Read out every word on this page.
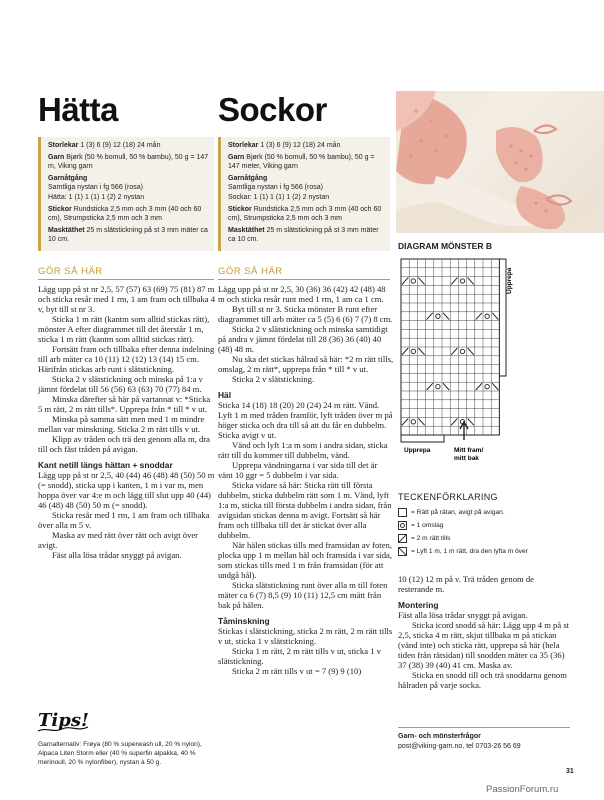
Hätta

Storlekar 1 (3) 6 (9) 12 (18) 24 mån

Garn Bjørk (50 % bomull, 50 % bambu), 50 g = 147 m, Viking garn

Garnåtgång

Samtliga nystan i fg 566 (rosa)

Hätta: 1 (1) 1 (1) 1 (2) 2 nystan

Stickor Rundsticka 2,5 mm och 3 mm (40 och 60 cm), Strumpsticka 2,5 mm och 3 mm

Masktäthet 25 m slätstickning på st 3 mm mäter ca 10 cm.

GÖR SÅ HÄR

Lägg upp på st nr 2,5, 57 (57) 63 (69) 75 (81) 87 m och sticka resår med 1 rm, 1 am fram och tillbaka 4 v, byt till st nr 3.

Sticka 1 m rätt (kantm som alltid stickas rätt), mönster A efter diagrammet till det återstår 1 m, sticka 1 m rätt (kantm som alltid stickas rätt).

Fortsätt fram och tillbaka efter denna indelning till arb mäter ca 10 (11) 12 (12) 13 (14) 15 cm. Härifrån stickas arb runt i slätstickning.

Sticka 2 v slätstickning och minska på 1:a v jämnt fördelat till 56 (56) 63 (63) 70 (77) 84 m.

Minska därefter så här på vartannat v: *Sticka 5 m rätt, 2 m rätt tills*. Upprepa från * till * v ut.

Minska på samma sätt men med 1 m mindre mellan var minskning. Sticka 2 m rätt tills v ut.

Klipp av tråden och trä den genom alla m, dra till och fäst tråden på avigan.

Kant netill längs hättan + snoddar

Lägg upp på st nr 2,5, 40 (44) 46 (48) 48 (50) 50 m (= snodd), sticka upp i kanten, 1 m i var m, men hoppa över var 4:e m och lägg till slut upp 40 (44) 46 (48) 48 (50) 50 m (= snodd).

Sticka resår med 1 rm, 1 am fram och tillbaka över alla m 5 v.

Maska av med rätt över rätt och avigt över avigt.

Fäst alla lösa trådar snyggt på avigan.

Tips!
Garnalternativ: Frøya (80 % superwash ull, 20 % nylon), Alpaca Liten Storm eller (40 % superfin alpakka, 40 % merinoull, 20 % nylonfiber), nystan à 50 g.
Sockor

Storlekar 1 (3) 6 (9) 12 (18) 24 mån

Garn Bjørk (50 % bomull, 50 % bambu), 50 g = 147 meter, Viking garn

Garnåtgång

Samtliga nystan i fg 566 (rosa)

Sockar: 1 (1) 1 (1) 1 (2) 2 nystan

Stickor Rundsticka 2,5 mm och 3 mm (40 och 60 cm), Strumpsticka 2,5 mm och 3 mm

Masktäthet 25 m slätstickning på st 3 mm mäter ca 10 cm.

GÖR SÅ HÄR

Lägg upp på st nr 2,5, 30 (36) 36 (42) 42 (48) 48 m och sticka resår runt med 1 rm, 1 am ca 1 cm.

Byt till st nr 3. Sticka mönster B runt efter diagrammet till arb mäter ca 5 (5) 6 (6) 7 (7) 8 cm.

Sticka 2 v slätstickning och minska samtidigt på andra v jämnt fördelat till 28 (36) 36 (40) 40 (48) 48 m.

Nu ska det stickas hålrad så här: *2 m rätt tills, omslag, 2 m rätt*, upprepa från * till * v ut.

Sticka 2 v slätstickning.

Häl

Sticka 14 (18) 18 (20) 20 (24) 24 m rätt. Vänd. Lyft 1 m med tråden framför, lyft tråden över m på höger sticka och dra till så att du får en dubbelm. Sticka avigt v ut.

Vänd och lyft 1:a m som i andra sidan, sticka rätt till du kommer till dubbelm, vänd.

Upprepa vändningarna i var sida till det är vänt 10 ggr = 5 dubbelm i var sida.

Sticka vidare så här: Sticka rätt till första dubbelm, sticka dubbelm rätt som 1 m. Vänd, lyft 1:a m, sticka till första dubbelm i andra sidan, från avigsidan stickas denna m avigt. Fortsätt så här fram och tillbaka till det är stickat över alla dubbelm.

När hälen stickas tills med framsidan av foten, plocka upp 1 m mellan häl och framsida i var sida, som stickas tills med 1 m från framsidan (för att undgå hål).

Sticka slätstickning runt över alla m till foten mäter ca 6 (7) 8,5 (9) 10 (11) 12,5 cm mätt från bak på hälen.

Tåminskning

Stickas i slätstickning, sticka 2 m rätt, 2 m rätt tills v ut, sticka 1 v slätstickning.

Sticka 1 m rätt, 2 m rätt tills v ut, sticka 1 v slätstickning.

Sticka 2 m rätt tills v ut = 7 (9) 9 (10)

DIAGRAM MÖNSTER B
Upprepa
Upprepa	Mitt fram/
mitt bak
TECKENFÖRKLARING
= Rätt på rätan, avigt på avigan.
= 1 omslag
= 2 m rätt tills
= Lyft 1 m, 1 m rätt, dra den lyfta m över

10 (12) 12 m på v. Trä tråden genom de resterande m.

Montering

Fäst alla lösa trådar snyggt på avigan.

Sticka icord snodd så här: Lägg upp 4 m på st 2,5, sticka 4 m rätt, skjut tillbaka m på stickan (vänd inte) och sticka rätt, upprepa så här (hela tiden från rätsidan) till snodden mäter ca 35 (36) 37 (38) 39 (40) 41 cm. Maska av.

Sticka en snodd till och trä snoddarna genom hålraden på varje socka.

Garn- och mönsterfrågor
post@viking-garn.no, tel 0703-26 56 69
31
PassionForum.ru
